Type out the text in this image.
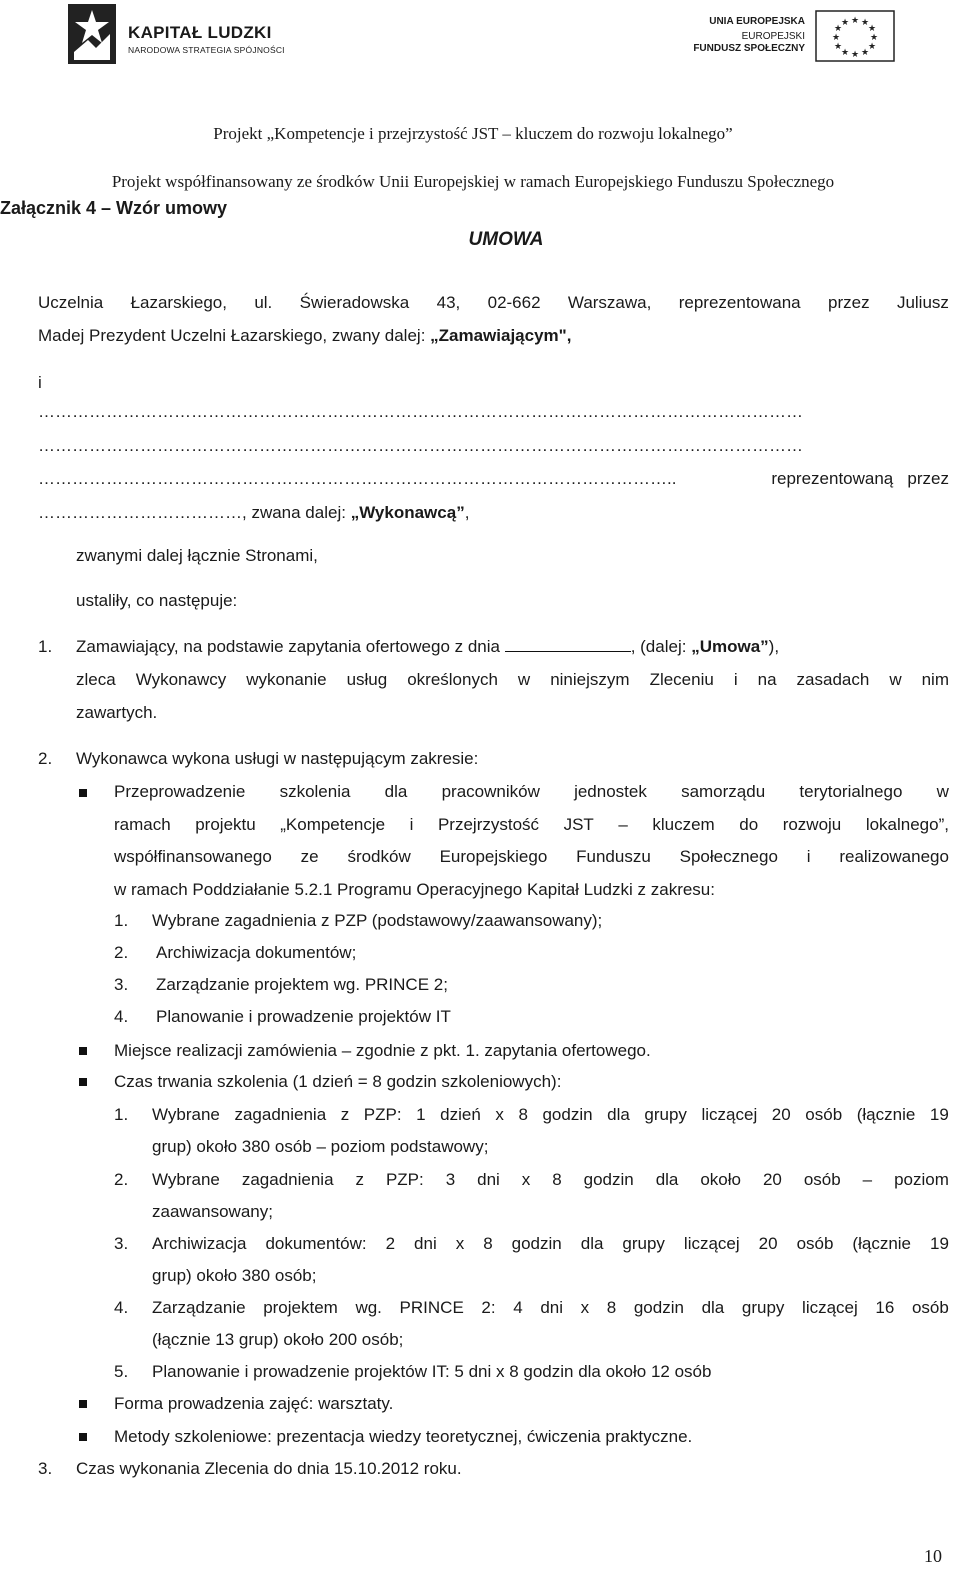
KAPITAŁ LUDZKI
NARODOWA STRATEGIA SPÓJNOŚCI
UNIA EUROPEJSKA
EUROPEJSKI
FUNDUSZ SPOŁECZNY
★ ★
★
★
★
★
★
★
★
★
★
★
Projekt „Kompetencje i przejrzystość JST – kluczem do rozwoju lokalnego”
Projekt współfinansowany ze środków Unii Europejskiej w ramach Europejskiego Funduszu Społecznego
Załącznik 4 – Wzór umowy
UMOWA
Uczelnia Łazarskiego, ul. Świeradowska 43, 02-662 Warszawa, reprezentowana przez Juliusz
Madej Prezydent Uczelni Łazarskiego, zwany dalej: „Zamawiającym",
i
………………………………………………………………………………………………………………………
………………………………………………………………………………………………………………………
…………………………………………………………………………………………………..	reprezentowaną   przez
………………………………, zwana dalej: „Wykonawcą”,
zwanymi dalej łącznie Stronami,
ustaliły, co następuje:
1. Zamawiający, na podstawie zapytania ofertowego z dnia	, (dalej: „Umowa”),
zleca Wykonawcy wykonanie usług określonych w niniejszym Zleceniu i na zasadach w nim
zawartych.
2. Wykonawca wykona usługi w następującym zakresie:
Przeprowadzenie szkolenia dla pracowników jednostek samorządu terytorialnego w
ramach projektu „Kompetencje i Przejrzystość JST – kluczem do rozwoju lokalnego”,
współfinansowanego ze środków Europejskiego Funduszu Społecznego i realizowanego
w ramach Poddziałanie 5.2.1 Programu Operacyjnego Kapitał Ludzki z zakresu:
1. Wybrane zagadnienia z PZP (podstawowy/zaawansowany);
2. Archiwizacja dokumentów;
3. Zarządzanie projektem wg. PRINCE 2;
4. Planowanie i prowadzenie projektów IT
Miejsce realizacji zamówienia – zgodnie z pkt. 1. zapytania ofertowego.
Czas trwania szkolenia (1 dzień = 8 godzin szkoleniowych):
1. Wybrane zagadnienia z PZP: 1 dzień x 8 godzin dla grupy liczącej 20 osób (łącznie 19
grup) około 380 osób – poziom podstawowy;
2. Wybrane zagadnienia z PZP: 3 dni x 8 godzin dla około 20 osób – poziom
zaawansowany;
3. Archiwizacja dokumentów: 2 dni x 8 godzin dla grupy liczącej 20 osób (łącznie 19
grup) około 380 osób;
4. Zarządzanie projektem wg. PRINCE 2: 4 dni x 8 godzin dla grupy liczącej 16 osób
(łącznie 13 grup) około 200 osób;
5. Planowanie i prowadzenie projektów IT: 5 dni x 8 godzin dla około 12 osób
Forma prowadzenia zajęć: warsztaty.
Metody szkoleniowe: prezentacja wiedzy teoretycznej, ćwiczenia praktyczne.
3. Czas wykonania Zlecenia do dnia 15.10.2012 roku.
10
